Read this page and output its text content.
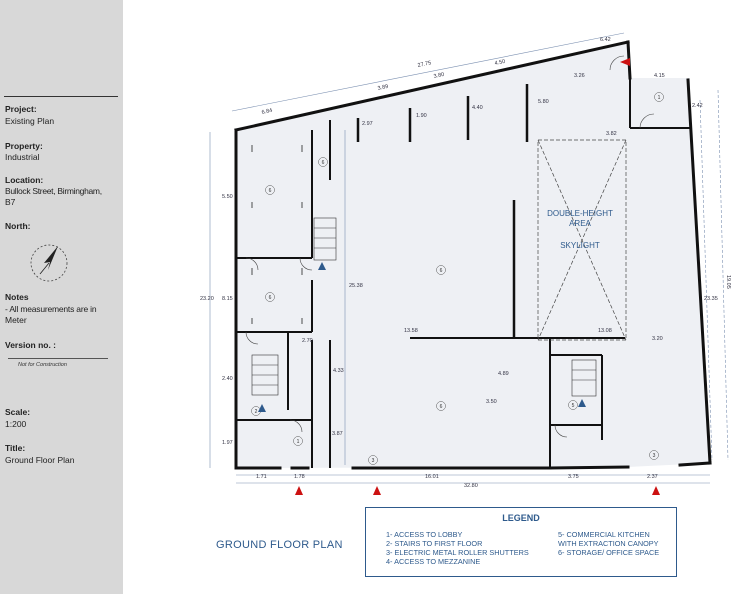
Project:
Existing Plan
Property:
Industrial
Location:
Bullock Street, Birmingham,
B7
North:
Notes
- All measurements are in
Meter
Version no. :
Not for Construction
Scale:
1:200
Title:
Ground Floor Plan
DOUBLE-HEIGHT
AREA
SKYLIGHT
27.75
6.42
6.84
3.89
3.80
4.50
3.26	4.15
19.05
23.35
23.20
32.80
1.71	1.78	16.01	3.75	2.37
13.58	13.08
25.38
2.97
1.90
4.40
5.80
2.42
3.20
8.15
5.50
4.33	4.89
3.50
3.87
3.82
2.40
2.70
1.97
6
6
6
6
6
3
3
1
1
2
5
GROUND FLOOR PLAN
LEGEND
1- ACCESS TO LOBBY
2- STAIRS TO FIRST FLOOR
3- ELECTRIC METAL ROLLER SHUTTERS
4- ACCESS TO MEZZANINE
5- COMMERCIAL KITCHEN
WITH EXTRACTION CANOPY
6- STORAGE/ OFFICE SPACE
